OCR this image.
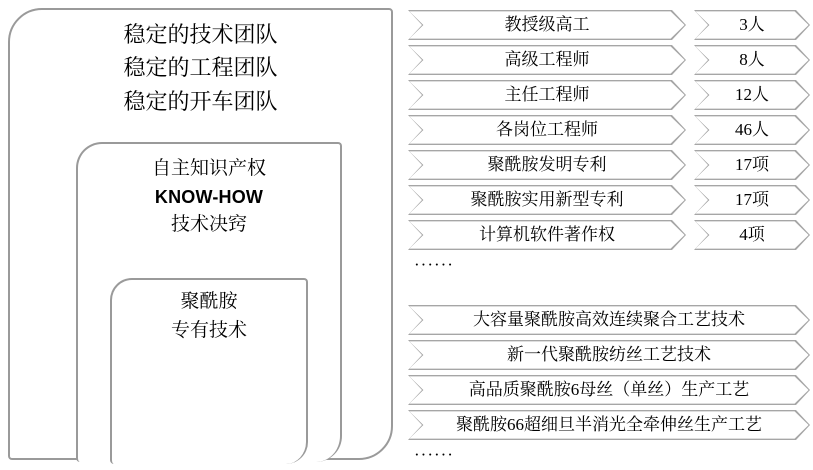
稳定的技术团队
稳定的工程团队
稳定的开车团队
自主知识产权
KNOW-HOW
技术决窍
聚酰胺
专有技术
教授级高工	3人
高级工程师	8人
主任工程师	12人
各岗位工程师	46人
聚酰胺发明专利	17项
聚酰胺实用新型专利	17项
计算机软件著作权	4项
······
大容量聚酰胺高效连续聚合工艺技术
新一代聚酰胺纺丝工艺技术
高品质聚酰胺6母丝（单丝）生产工艺
聚酰胺66超细旦半消光全牵伸丝生产工艺
······
